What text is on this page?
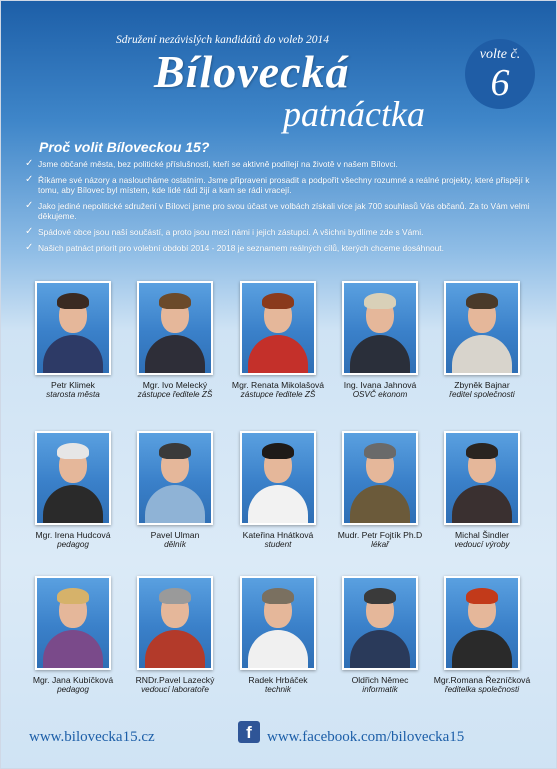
Sdružení nezávislých kandidátů do voleb 2014
Bílovecká
patnáctka
volte č.
6
Proč volit Bíloveckou 15?
✓ Jsme občané města, bez politické příslušnosti, kteří se aktivně podílejí na životě v našem Bílovci.
✓ Říkáme své názory a nasloucháme ostatním. Jsme připraveni prosadit a podpořit všechny rozumné a reálné projekty, které přispějí k tomu, aby Bílovec byl místem, kde lidé rádi žijí a kam se rádi vracejí.
✓ Jako jediné nepolitické sdružení v Bílovci jsme pro svou účast ve volbách získali více jak 700 souhlasů Vás občanů. Za to Vám velmi děkujeme.
✓ Spádové obce jsou naší součástí, a proto jsou mezi námi i jejich zástupci. A všichni bydlíme zde s Vámi.
✓ Našich patnáct priorit pro volební období 2014 - 2018 je seznamem reálných cílů, kterých chceme dosáhnout.
Petr Klimek
starosta města
Mgr. Ivo Melecký
zástupce ředitele ZŠ
Mgr. Renata Mikolašová
zástupce ředitele ZŠ
Ing. Ivana Jahnová
OSVČ ekonom
Zbyněk Bajnar
ředitel společnosti
Mgr. Irena Hudcová
pedagog
Pavel Ulman
dělník
Kateřina Hnátková
student
Mudr. Petr Fojtík Ph.D
lékař
Michal Šindler
vedoucí výroby
Mgr. Jana Kubíčková
pedagog
RNDr.Pavel Lazecký
vedoucí laboratoře
Radek Hrbáček
technik
Oldřich Němec
informatik
Mgr.Romana Řezníčková
ředitelka společnosti
www.bilovecka15.cz	f	www.facebook.com/bilovecka15
